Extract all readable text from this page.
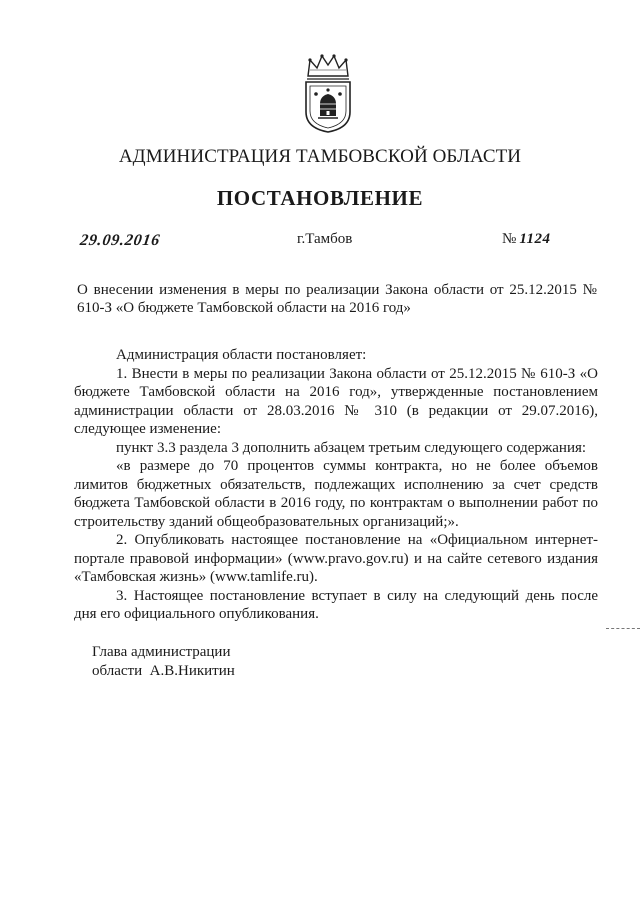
АДМИНИСТРАЦИЯ ТАМБОВСКОЙ ОБЛАСТИ
ПОСТАНОВЛЕНИЕ
29.09.2016	г.Тамбов	№ 1124
О внесении изменения в меры по реализации Закона области от 25.12.2015 № 610-З «О бюджете Тамбовской области на 2016 год»

Администрация области постановляет:

1. Внести в меры по реализации Закона области от 25.12.2015 № 610-З «О бюджете Тамбовской области на 2016 год», утвержденные постановлением администрации области от 28.03.2016 № 310 (в редакции от 29.07.2016), следующее изменение:

пункт 3.3 раздела 3 дополнить абзацем третьим следующего содержания:

«в размере до 70 процентов суммы контракта, но не более объемов лимитов бюджетных обязательств, подлежащих исполнению за счет средств бюджета Тамбовской области в 2016 году, по контрактам о выполнении работ по строительству зданий общеобразовательных организаций;».

2. Опубликовать настоящее постановление на «Официальном интернет-портале правовой информации» (www.pravo.gov.ru) и на сайте сетевого издания «Тамбовская жизнь» (www.tamlife.ru).

3. Настоящее постановление вступает в силу на следующий день после дня его официального опубликования.

Глава администрации
области А.В.Никитин
